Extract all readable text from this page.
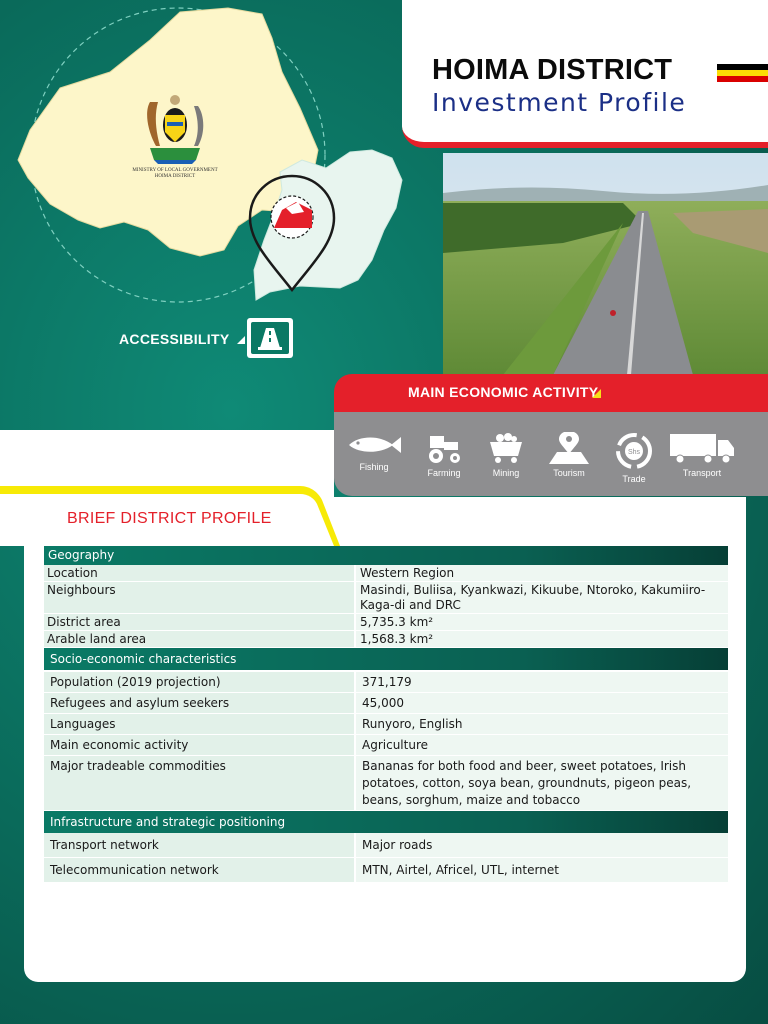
MINISTRY OF LOCAL GOVERNMENT
HOIMA DISTRICT
ACCESSIBILITY
HOIMA DISTRICT
Investment Profile
MAIN ECONOMIC ACTIVITY
Fishing
Farming	Mining	Tourism
Shs
Trade
Transport
BRIEF DISTRICT PROFILE
Geography
Location	Western Region
Neighbours	Masindi, Buliisa, Kyankwazi, Kikuube, Ntoroko, Kakumiiro-Kaga-di and DRC
District area	5,735.3 km²
Arable land area	1,568.3 km²
Socio-economic characteristics
Population (2019 projection)	371,179
Refugees and asylum seekers	45,000
Languages	Runyoro, English
Main economic activity	Agriculture
Major tradeable commodities	Bananas for both food and beer, sweet potatoes, Irish potatoes, cotton, soya bean, groundnuts, pigeon peas, beans, sorghum, maize and tobacco
Infrastructure and strategic positioning
Transport network	Major roads
Telecommunication network	MTN, Airtel, Africel, UTL, internet
